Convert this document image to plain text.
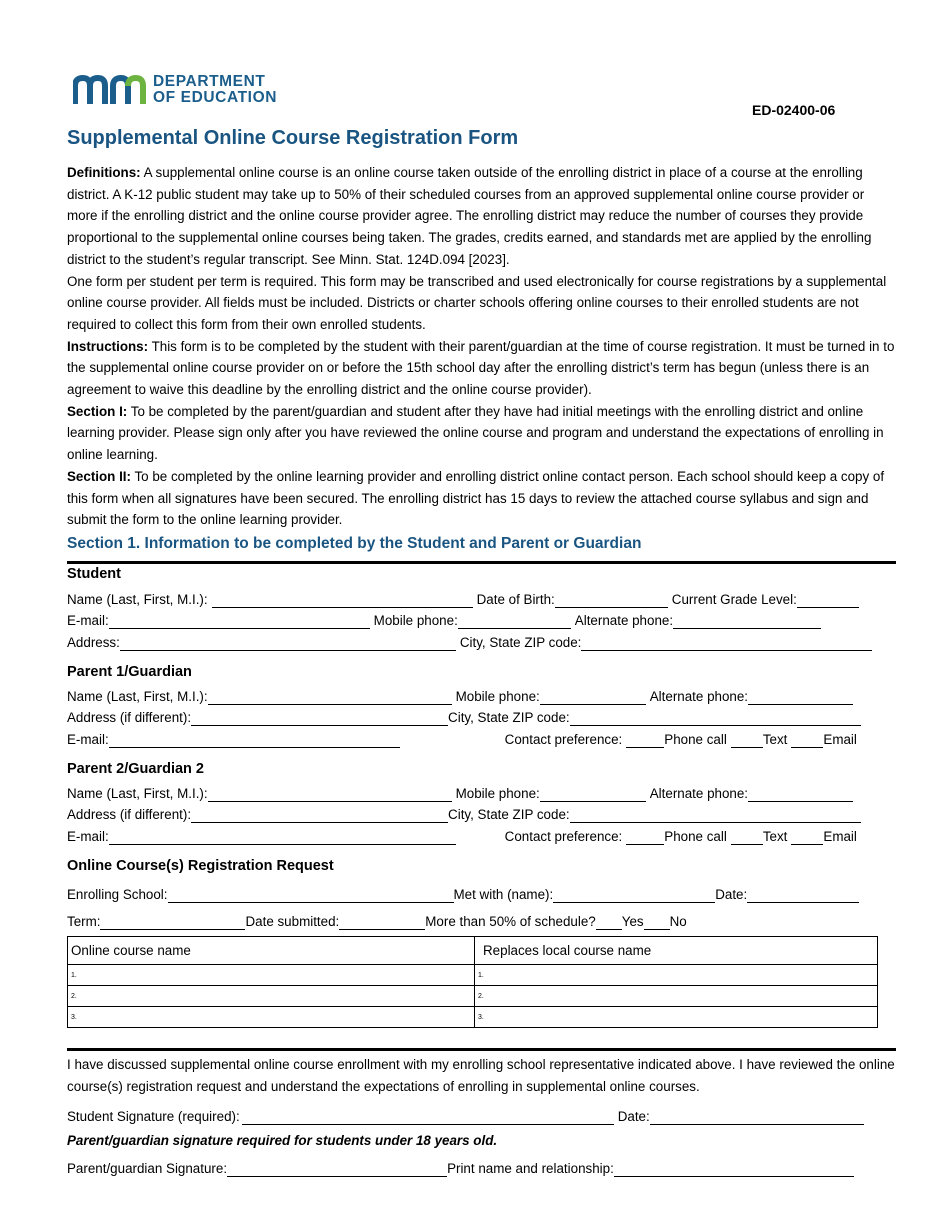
DEPARTMENT
OF EDUCATION
ED-02400-06
Supplemental Online Course Registration Form

Definitions: A supplemental online course is an online course taken outside of the enrolling district in place of a course at the enrolling district. A K-12 public student may take up to 50% of their scheduled courses from an approved supplemental online course provider or more if the enrolling district and the online course provider agree. The enrolling district may reduce the number of courses they provide proportional to the supplemental online courses being taken. The grades, credits earned, and standards met are applied by the enrolling district to the student’s regular transcript. See Minn. Stat. 124D.094 [2023].

One form per student per term is required. This form may be transcribed and used electronically for course registrations by a supplemental online course provider. All fields must be included. Districts or charter schools offering online courses to their enrolled students are not required to collect this form from their own enrolled students.

Instructions: This form is to be completed by the student with their parent/guardian at the time of course registration. It must be turned in to the supplemental online course provider on or before the 15th school day after the enrolling district’s term has begun (unless there is an agreement to waive this deadline by the enrolling district and the online course provider).

Section I: To be completed by the parent/guardian and student after they have had initial meetings with the enrolling district and online learning provider. Please sign only after you have reviewed the online course and program and understand the expectations of enrolling in online learning.

Section II: To be completed by the online learning provider and enrolling district online contact person. Each school should keep a copy of this form when all signatures have been secured. The enrolling district has 15 days to review the attached course syllabus and sign and submit the form to the online learning provider.

Section 1. Information to be completed by the Student and Parent or Guardian
Student
Name (Last, First, M.I.):	Date of Birth:	Current Grade Level:
E-mail:	Mobile phone:	Alternate phone:
Address:	City, State ZIP code:
Parent 1/Guardian
Name (Last, First, M.I.):	Mobile phone:	Alternate phone:
Address (if different):	City, State ZIP code:
E-mail:	Contact preference:	Phone call	Text	Email
Parent 2/Guardian 2
Name (Last, First, M.I.):	Mobile phone:	Alternate phone:
Address (if different):	City, State ZIP code:
E-mail:	Contact preference:	Phone call	Text	Email
Online Course(s) Registration Request
Enrolling School:	Met with (name):	Date:
Term:	Date submitted:	More than 50% of schedule? Yes No
Online course name	Replaces local course name
1.	1.
2.	2.
3.	3.
I have discussed supplemental online course enrollment with my enrolling school representative indicated above. I have reviewed the online course(s) registration request and understand the expectations of enrolling in supplemental online courses.
Student Signature (required):	Date:
Parent/guardian signature required for students under 18 years old.
Parent/guardian Signature:	Print name and relationship:
